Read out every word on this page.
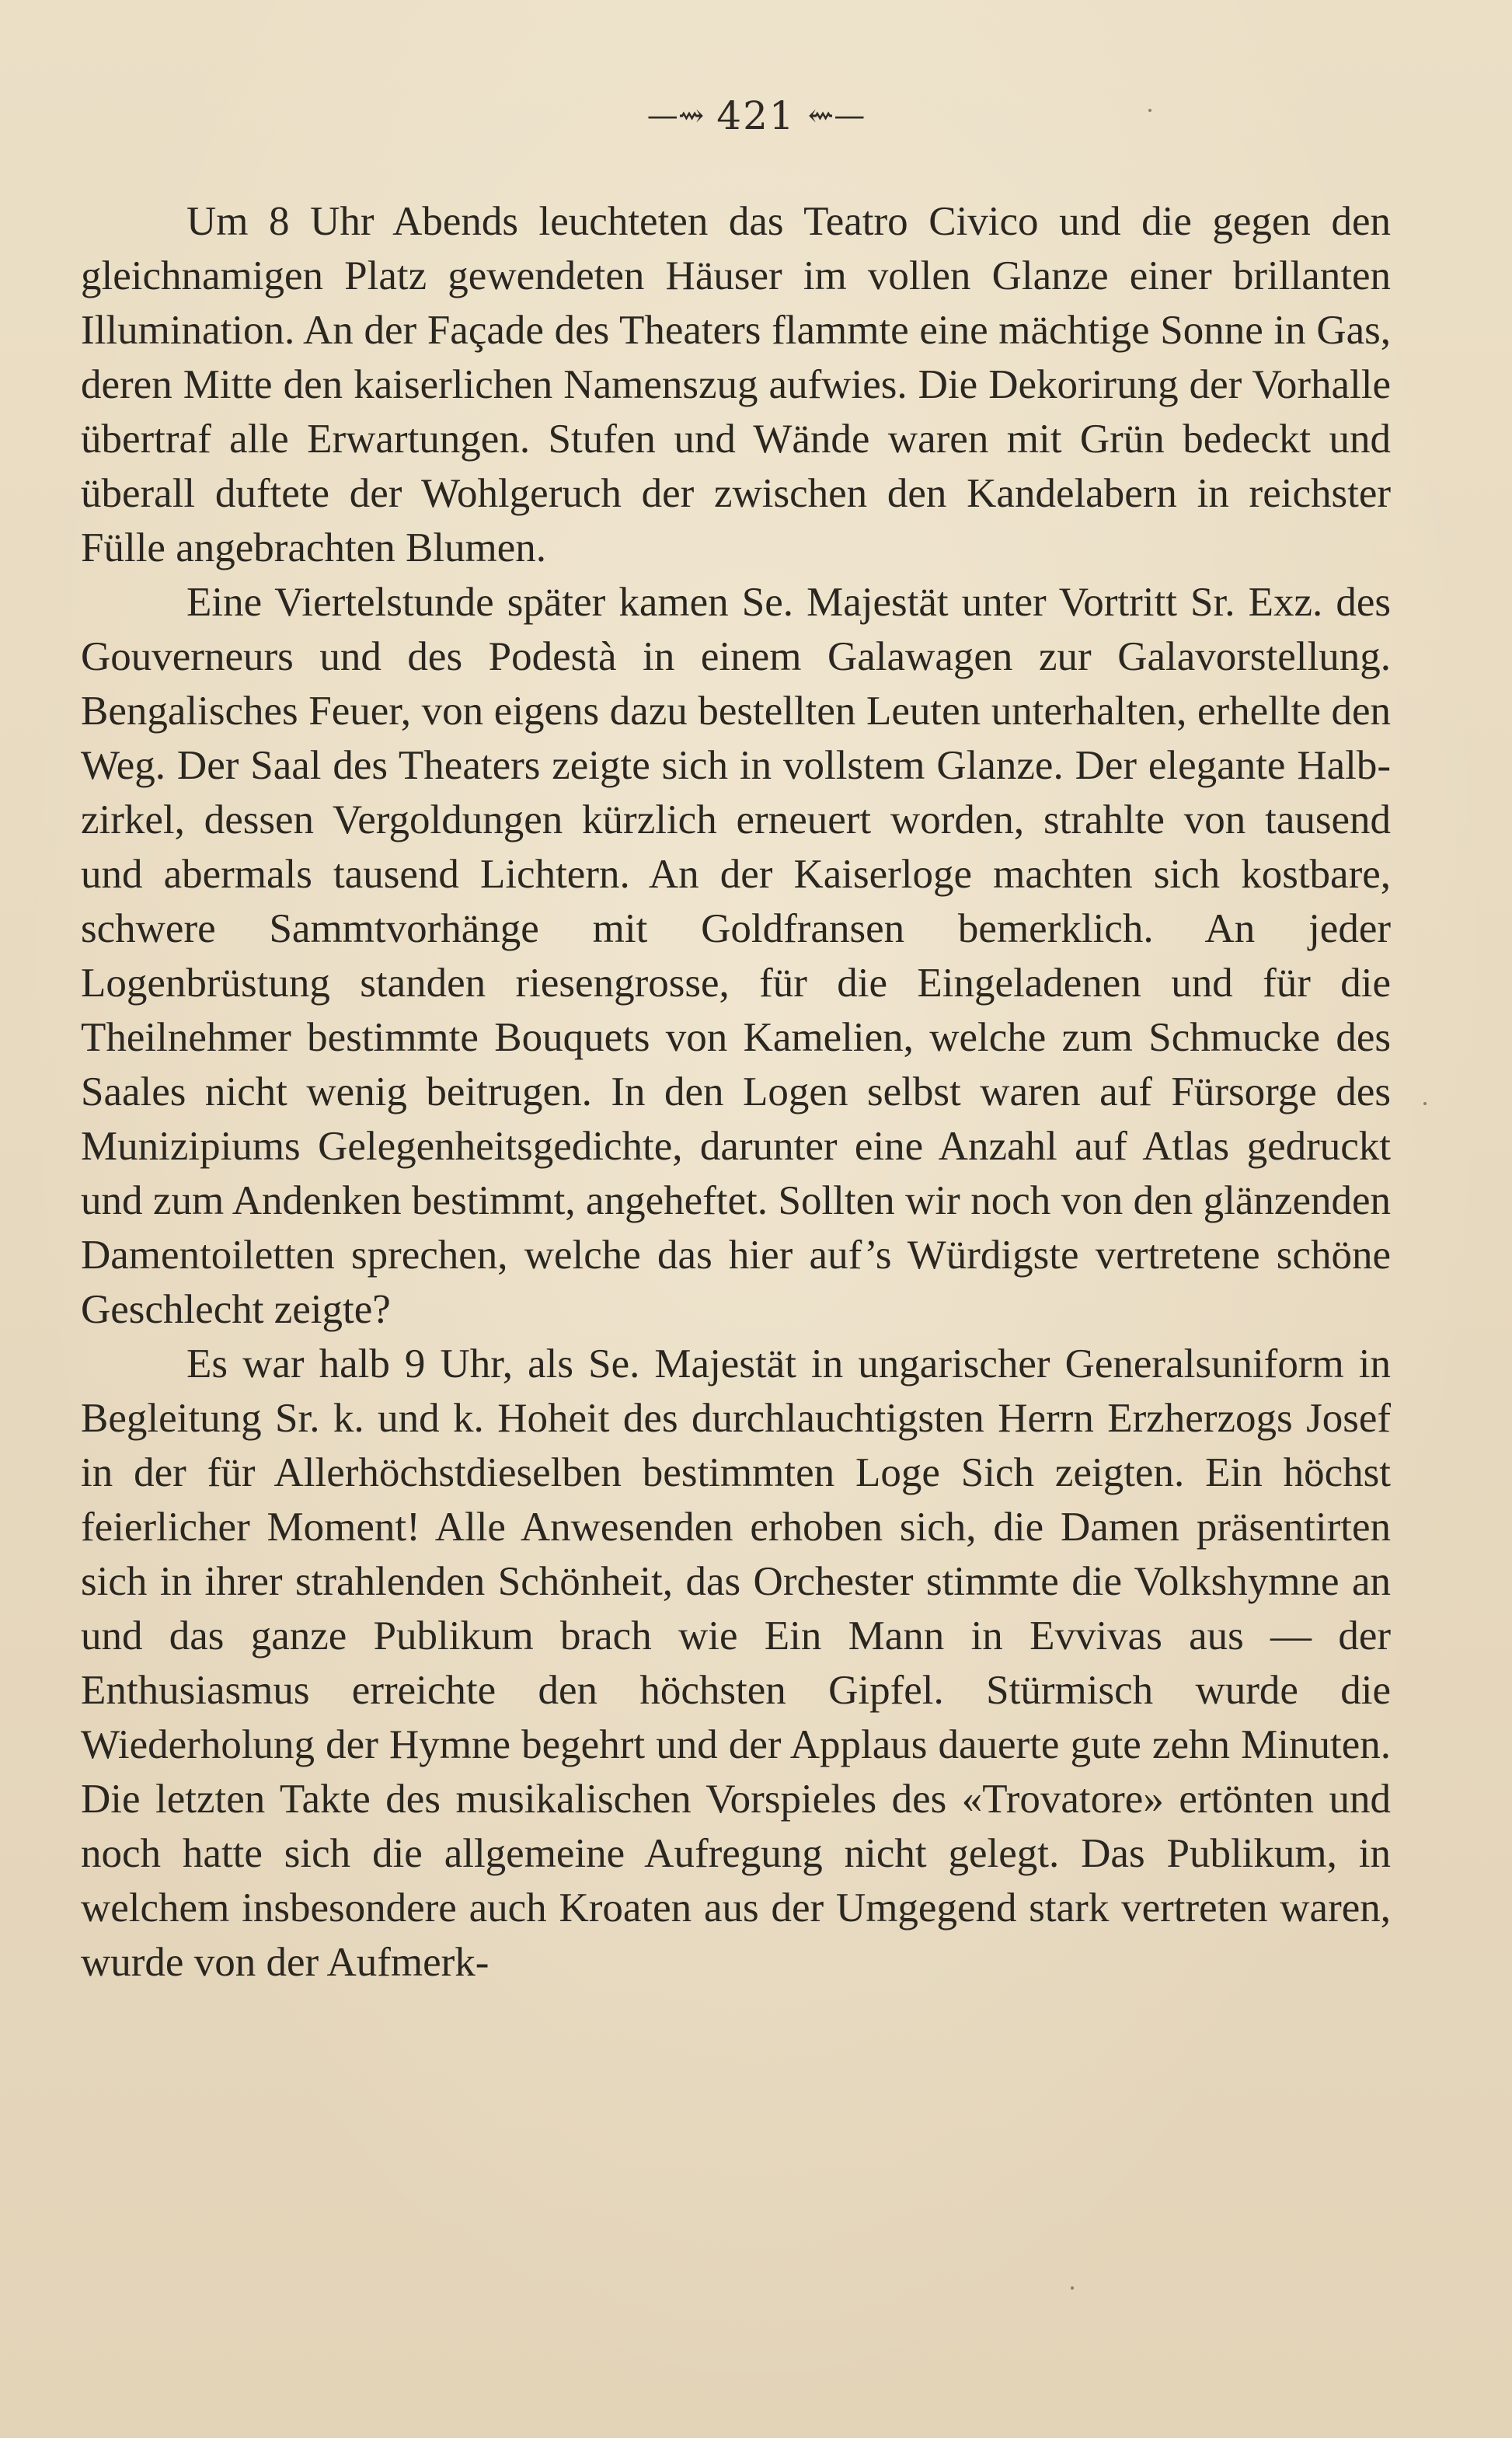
—⇝ 421 ⇜—

Um 8 Uhr Abends leuchteten das Teatro Civico und die gegen den gleichnamigen Platz gewendeten Häuser im vollen Glanze einer brillanten Illumination. An der Façade des Theaters flammte eine mächtige Sonne in Gas, deren Mitte den kaiserlichen Namenszug aufwies. Die Dekorirung der Vorhalle übertraf alle Erwartungen. Stufen und Wände waren mit Grün bedeckt und überall duftete der Wohlgeruch der zwischen den Kandelabern in reichster Fülle angebrachten Blumen.

Eine Viertelstunde später kamen Se. Majestät unter Vortritt Sr. Exz. des Gouverneurs und des Podestà in einem Galawagen zur Galavorstellung. Bengalisches Feuer, von eigens dazu bestellten Leuten unterhalten, erhellte den Weg. Der Saal des Theaters zeigte sich in vollstem Glanze. Der elegante Halbzirkel, dessen Vergoldungen kürzlich erneuert worden, strahlte von tausend und abermals tausend Lichtern. An der Kaiserloge machten sich kostbare, schwere Sammtvorhänge mit Goldfransen bemerklich. An jeder Logenbrüstung standen riesengrosse, für die Eingeladenen und für die Theilnehmer bestimmte Bouquets von Kamelien, welche zum Schmucke des Saales nicht wenig beitrugen. In den Logen selbst waren auf Fürsorge des Munizipiums Gelegenheitsgedichte, darunter eine Anzahl auf Atlas gedruckt und zum Andenken bestimmt, angeheftet. Sollten wir noch von den glänzenden Damentoiletten sprechen, welche das hier auf’s Würdigste vertretene schöne Geschlecht zeigte?

Es war halb 9 Uhr, als Se. Majestät in ungarischer Generalsuniform in Begleitung Sr. k. und k. Hoheit des durchlauchtigsten Herrn Erzherzogs Josef in der für Allerhöchstdieselben bestimmten Loge Sich zeigten. Ein höchst feierlicher Moment! Alle Anwesenden erhoben sich, die Damen präsentirten sich in ihrer strahlenden Schönheit, das Orchester stimmte die Volkshymne an und das ganze Publikum brach wie Ein Mann in Evvivas aus — der Enthusiasmus erreichte den höchsten Gipfel. Stürmisch wurde die Wiederholung der Hymne begehrt und der Applaus dauerte gute zehn Minuten. Die letzten Takte des musikalischen Vorspieles des «Trovatore» ertönten und noch hatte sich die allgemeine Aufregung nicht gelegt. Das Publikum, in welchem insbesondere auch Kroaten aus der Umgegend stark vertreten waren, wurde von der Aufmerk-
